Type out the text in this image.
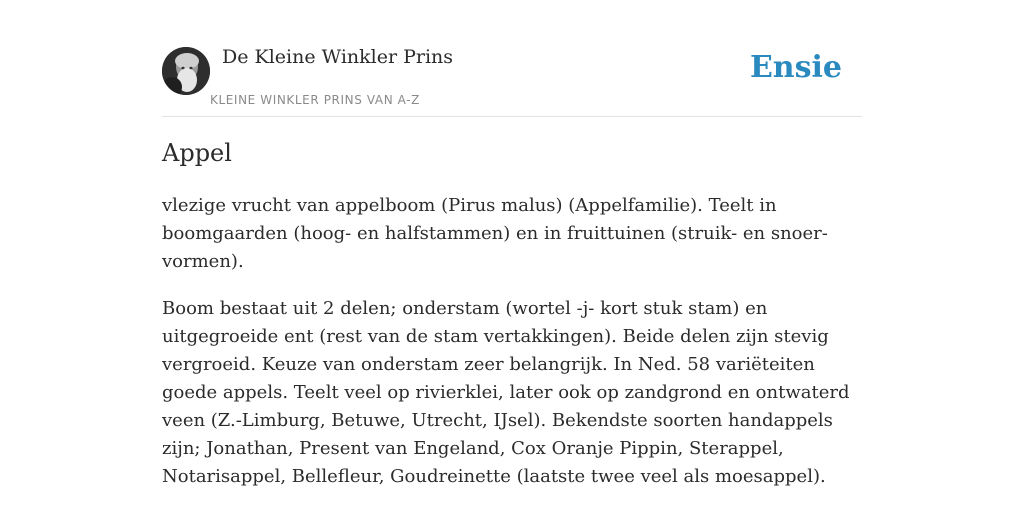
De Kleine Winkler Prins
KLEINE WINKLER PRINS VAN A-Z
Ensie
Appel

vlezige vrucht van appelboom (Pirus malus) (Appelfamilie). Teelt in boomgaarden (hoog- en halfstammen) en in fruittuinen (struik- en snoer-vormen).

Boom bestaat uit 2 delen; onderstam (wortel -j- kort stuk stam) en uitgegroeide ent (rest van de stam vertakkingen). Beide delen zijn stevig vergroeid. Keuze van onderstam zeer belangrijk. In Ned. 58 variëteiten goede appels. Teelt veel op rivierklei, later ook op zandgrond en ontwaterd veen (Z.-Limburg, Betuwe, Utrecht, IJsel). Bekendste soorten handappels zijn; Jonathan, Present van Engeland, Cox Oranje Pippin, Sterappel, Notarisappel, Bellefleur, Goudreinette (laatste twee veel als moesappel).
